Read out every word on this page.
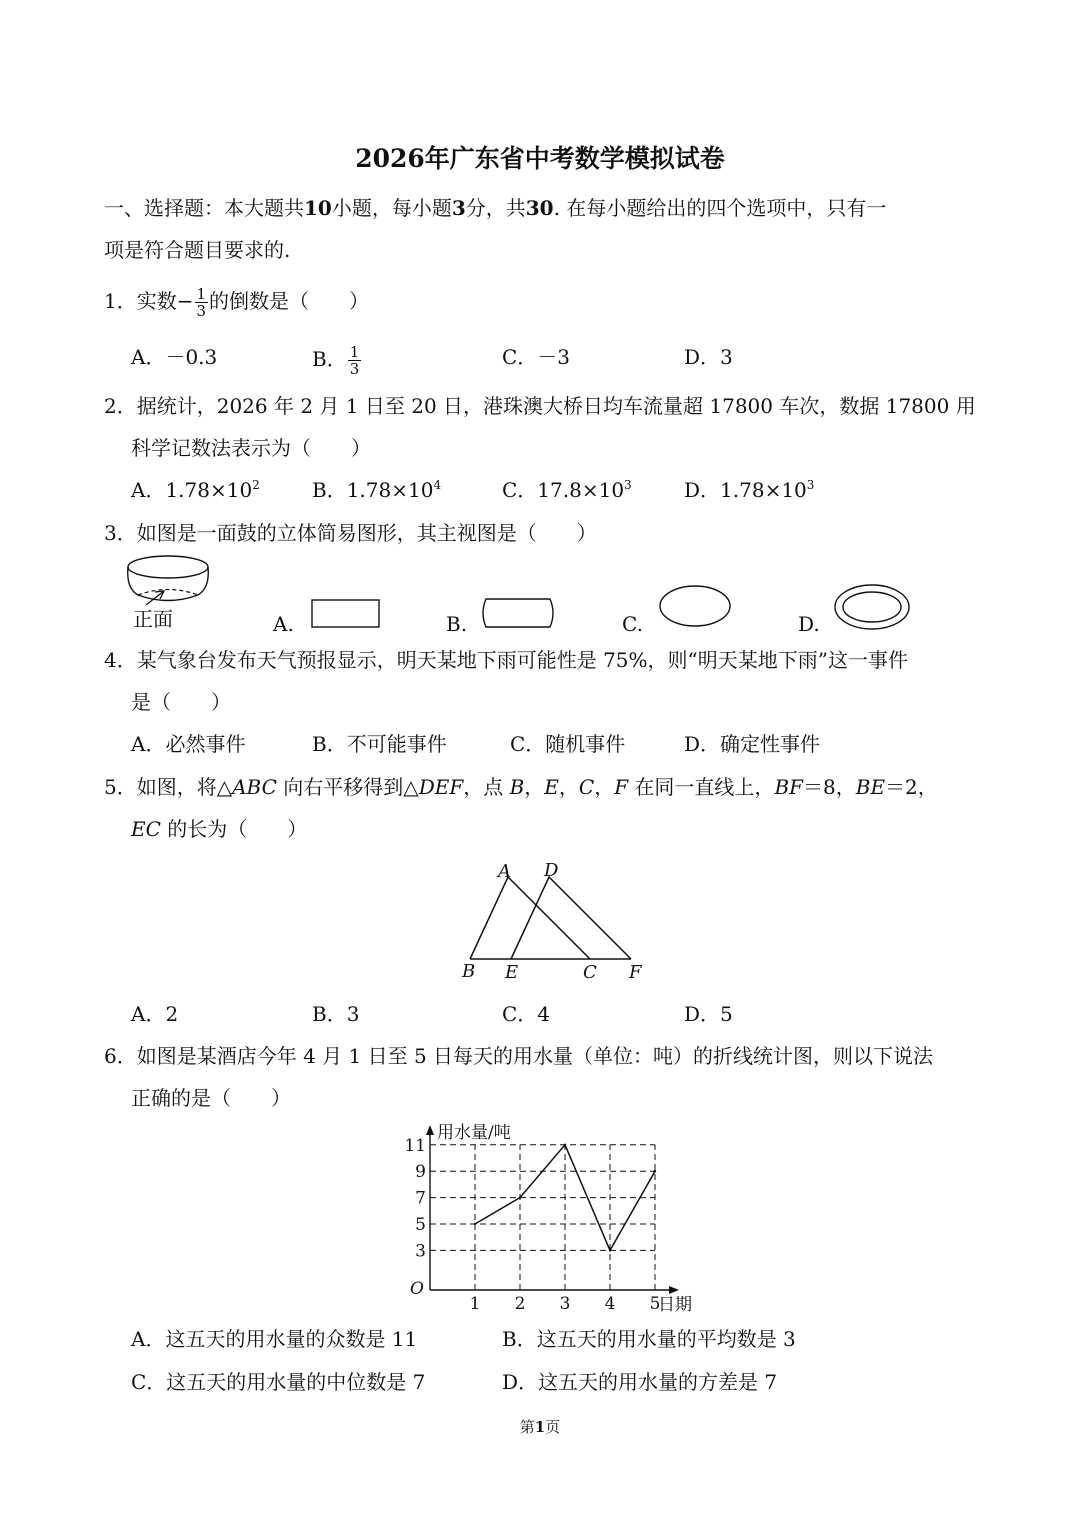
2026年广东省中考数学模拟试卷
一、选择题：本大题共10小题，每小题3分，共30. 在每小题给出的四个选项中，只有一
项是符合题目要求的.
1．实数− $\frac{1}{3}$ 的倒数是（　　）
A．－0.3	B． $\frac{1}{3}$	C．－3	D．3
2．据统计，2026 年 2 月 1 日至 20 日，港珠澳大桥日均车流量超 17800 车次，数据 17800 用
科学记数法表示为（　　）
A．$1.78\times 10^2$	B．$1.78\times 10^4$	C．$17.8\times 10^3$	D．$1.78\times 10^3$
3．如图是一面鼓的立体简易图形，其主视图是（　　）
正面	A.	B.	C.	D.
4．某气象台发布天气预报显示，明天某地下雨可能性是 75%，则“明天某地下雨”这一事件
是（　　）
A．必然事件	B．不可能事件	C．随机事件	D．确定性事件
5．如图，将△ABC 向右平移得到△DEF，点 B，E，C，F 在同一直线上，BF＝8，BE＝2，
EC 的长为（　　）
A D
B E	C F
A．2	B．3	C．4	D．5
6．如图是某酒店今年 4 月 1 日至 5 日每天的用水量（单位：吨）的折线统计图，则以下说法
正确的是（　　）
3
5
7
9
11
1 2 3 4 5
用水量/吨
日期
O
A．这五天的用水量的众数是 11	B．这五天的用水量的平均数是 3
C．这五天的用水量的中位数是 7	D．这五天的用水量的方差是 7
第1页
